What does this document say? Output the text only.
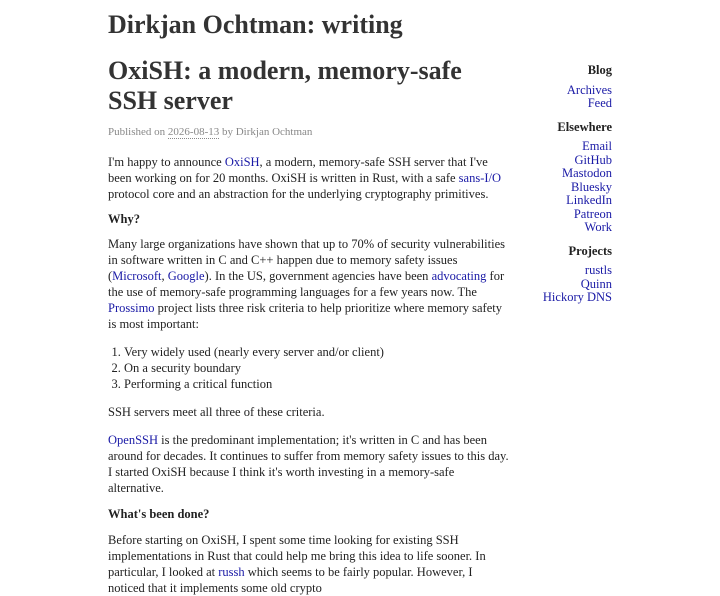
Dirkjan Ochtman: writing
OxiSH: a modern, memory-safe SSH server
Published on 2026-08-13 by Dirkjan Ochtman

I'm happy to announce OxiSH, a modern, memory-safe SSH server that I've been working on for 20 months. OxiSH is written in Rust, with a safe sans-I/O protocol core and an abstraction for the underlying cryptography primitives.

Why?

Many large organizations have shown that up to 70% of security vulnerabilities in software written in C and C++ happen due to memory safety issues (Microsoft, Google). In the US, government agencies have been advocating for the use of memory-safe programming languages for a few years now. The Prossimo project lists three risk criteria to help prioritize where memory safety is most important:

1. Very widely used (nearly every server and/or client)
2. On a security boundary
3. Performing a critical function

SSH servers meet all three of these criteria.

OpenSSH is the predominant implementation; it's written in C and has been around for decades. It continues to suffer from memory safety issues to this day. I started OxiSH because I think it's worth investing in a memory-safe alternative.

What's been done?

Before starting on OxiSH, I spent some time looking for existing SSH implementations in Rust that could help me bring this idea to life sooner. In particular, I looked at russh which seems to be fairly popular. However, I noticed that it implements some old crypto

Blog
Archives
Feed
Elsewhere
Email
GitHub
Mastodon
Bluesky
LinkedIn
Patreon
Work
Projects
rustls
Quinn
Hickory DNS
